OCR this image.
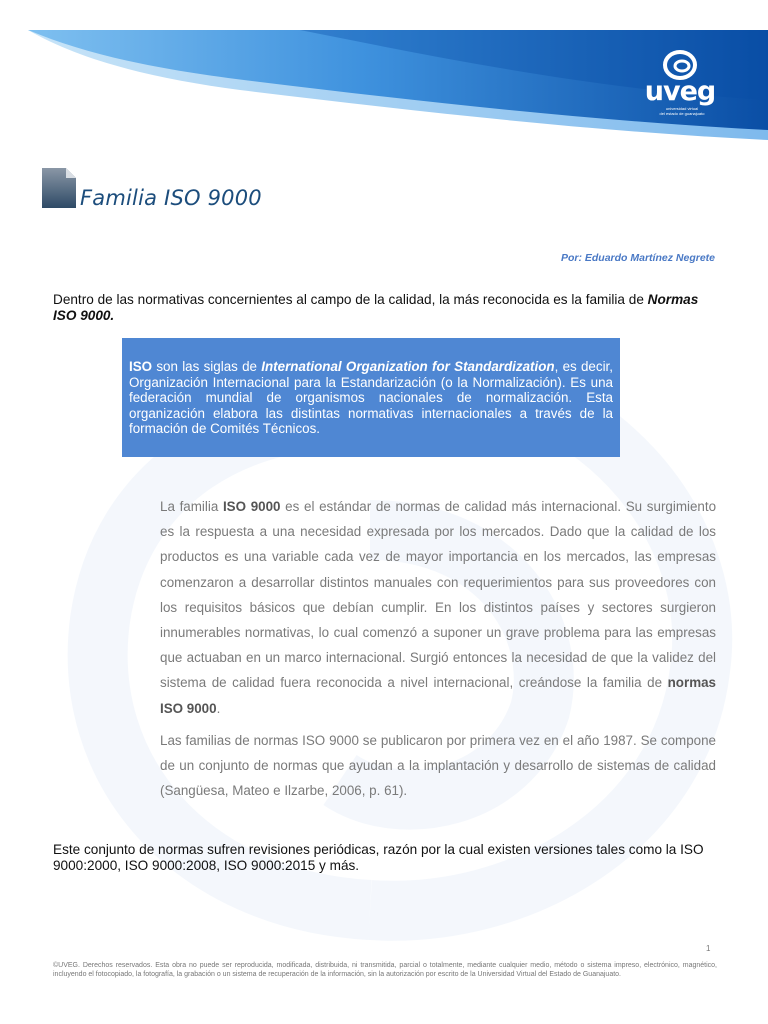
uveg
universidad virtual
del estado de guanajuato
Familia ISO 9000
Por: Eduardo Martínez Negrete
Dentro de las normativas concernientes al campo de la calidad, la más reconocida es la familia de Normas ISO 9000.
ISO son las siglas de International Organization for Standardization, es decir, Organización Internacional para la Estandarización (o la Normalización). Es una federación mundial de organismos nacionales de normalización. Esta organización elabora las distintas normativas internacionales a través de la formación de Comités Técnicos.

La familia ISO 9000 es el estándar de normas de calidad más internacional. Su surgimiento es la respuesta a una necesidad expresada por los mercados. Dado que la calidad de los productos es una variable cada vez de mayor importancia en los mercados, las empresas comenzaron a desarrollar distintos manuales con requerimientos para sus proveedores con los requisitos básicos que debían cumplir. En los distintos países y sectores surgieron innumerables normativas, lo cual comenzó a suponer un grave problema para las empresas que actuaban en un marco internacional. Surgió entonces la necesidad de que la validez del sistema de calidad fuera reconocida a nivel internacional, creándose la familia de normas ISO 9000.

Las familias de normas ISO 9000 se publicaron por primera vez en el año 1987. Se compone de un conjunto de normas que ayudan a la implantación y desarrollo de sistemas de calidad (Sangüesa, Mateo e Ilzarbe, 2006, p. 61).

Este conjunto de normas sufren revisiones periódicas, razón por la cual existen versiones tales como la ISO 9000:2000, ISO 9000:2008, ISO 9000:2015 y más.
1
©UVEG. Derechos reservados. Esta obra no puede ser reproducida, modificada, distribuida, ni transmitida, parcial o totalmente, mediante cualquier medio, método o sistema impreso, electrónico, magnético, incluyendo el fotocopiado, la fotografía, la grabación o un sistema de recuperación de la información, sin la autorización por escrito de la Universidad Virtual del Estado de Guanajuato.
